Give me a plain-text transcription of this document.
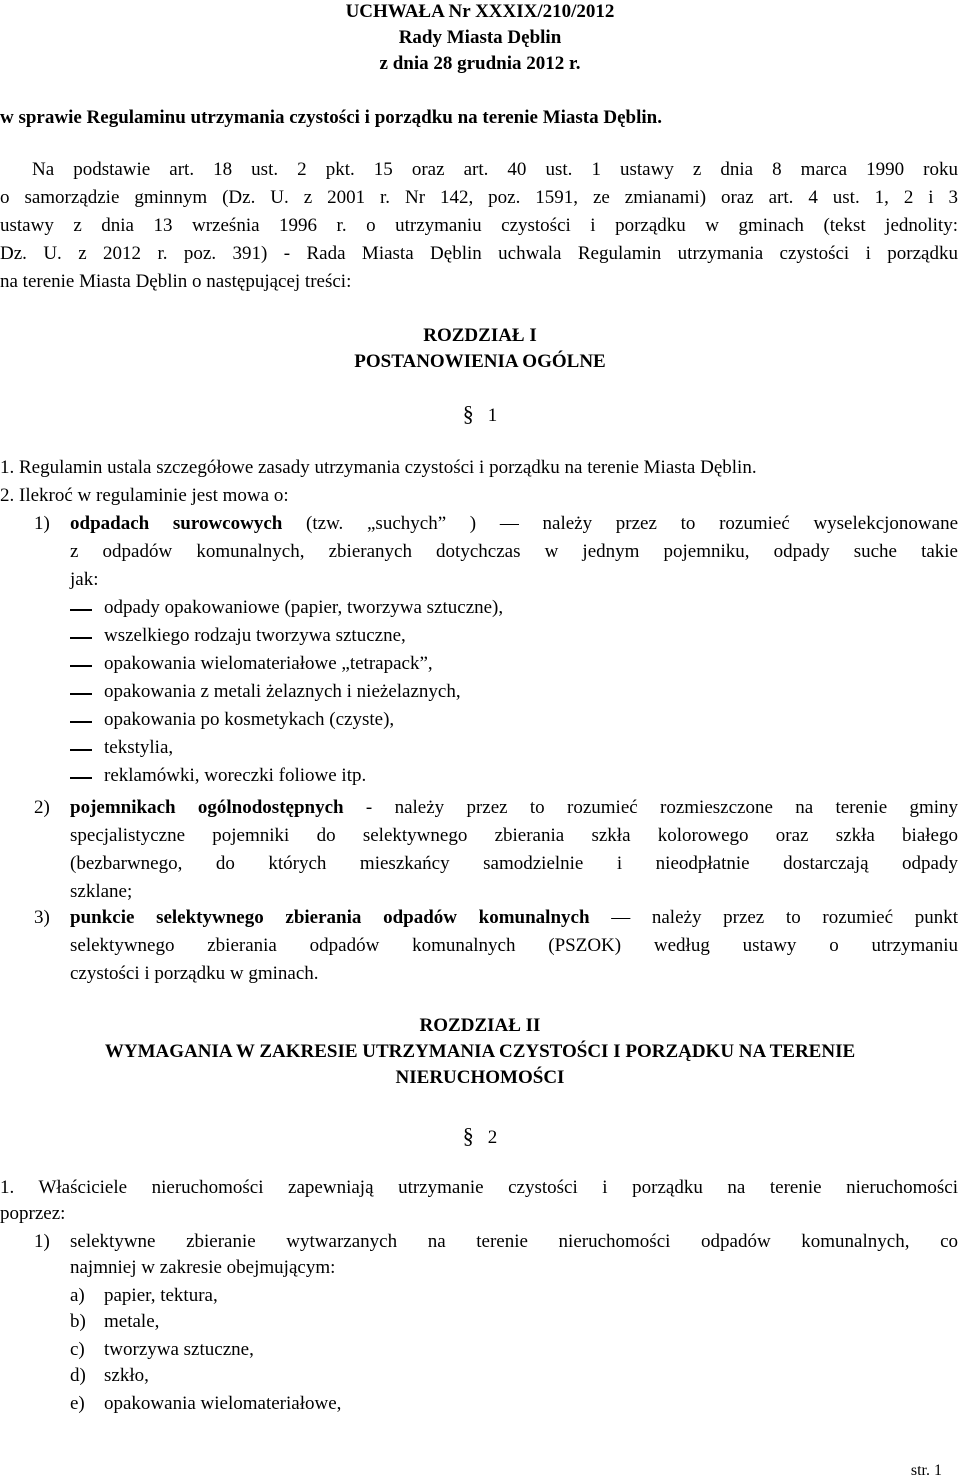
UCHWAŁA Nr XXXIX/210/2012
Rady Miasta Dęblin
z dnia 28 grudnia 2012 r.
w sprawie Regulaminu utrzymania czystości i porządku na terenie Miasta Dęblin.
Na podstawie art. 18 ust. 2 pkt. 15 oraz art. 40 ust. 1 ustawy z dnia 8 marca 1990 roku
o samorządzie gminnym (Dz. U. z 2001 r. Nr 142, poz. 1591, ze zmianami) oraz art. 4 ust. 1, 2 i 3
ustawy z dnia 13 września 1996 r. o utrzymaniu czystości i porządku w gminach (tekst jednolity:
Dz. U. z 2012 r. poz. 391) - Rada Miasta Dęblin uchwala Regulamin utrzymania czystości i porządku
na terenie Miasta Dęblin o następującej treści:
ROZDZIAŁ I
POSTANOWIENIA OGÓLNE
§ 1
1. Regulamin ustala szczegółowe zasady utrzymania czystości i porządku na terenie Miasta Dęblin.
2. Ilekroć w regulaminie jest mowa o:
1) odpadach surowcowych (tzw. „suchych” ) — należy przez to rozumieć wyselekcjonowane
z odpadów komunalnych, zbieranych dotychczas w jednym pojemniku, odpady suche takie
jak:
odpady opakowaniowe (papier, tworzywa sztuczne),
wszelkiego rodzaju tworzywa sztuczne,
opakowania wielomateriałowe „tetrapack”,
opakowania z metali żelaznych i nieżelaznych,
opakowania po kosmetykach (czyste),
tekstylia,
reklamówki, woreczki foliowe itp.
2) pojemnikach ogólnodostępnych - należy przez to rozumieć rozmieszczone na terenie gminy
specjalistyczne pojemniki do selektywnego zbierania szkła kolorowego oraz szkła białego
(bezbarwnego, do których mieszkańcy samodzielnie i nieodpłatnie dostarczają odpady
szklane;
3) punkcie selektywnego zbierania odpadów komunalnych — należy przez to rozumieć punkt
selektywnego zbierania odpadów komunalnych (PSZOK) według ustawy o utrzymaniu
czystości i porządku w gminach.
ROZDZIAŁ II
WYMAGANIA W ZAKRESIE UTRZYMANIA CZYSTOŚCI I PORZĄDKU NA TERENIE
NIERUCHOMOŚCI
§ 2
1. Właściciele nieruchomości zapewniają utrzymanie czystości i porządku na terenie nieruchomości
poprzez:
1) selektywne zbieranie wytwarzanych na terenie nieruchomości odpadów komunalnych, co
najmniej w zakresie obejmującym:
a) papier, tektura,
b) metale,
c) tworzywa sztuczne,
d) szkło,
e) opakowania wielomateriałowe,
str. 1
